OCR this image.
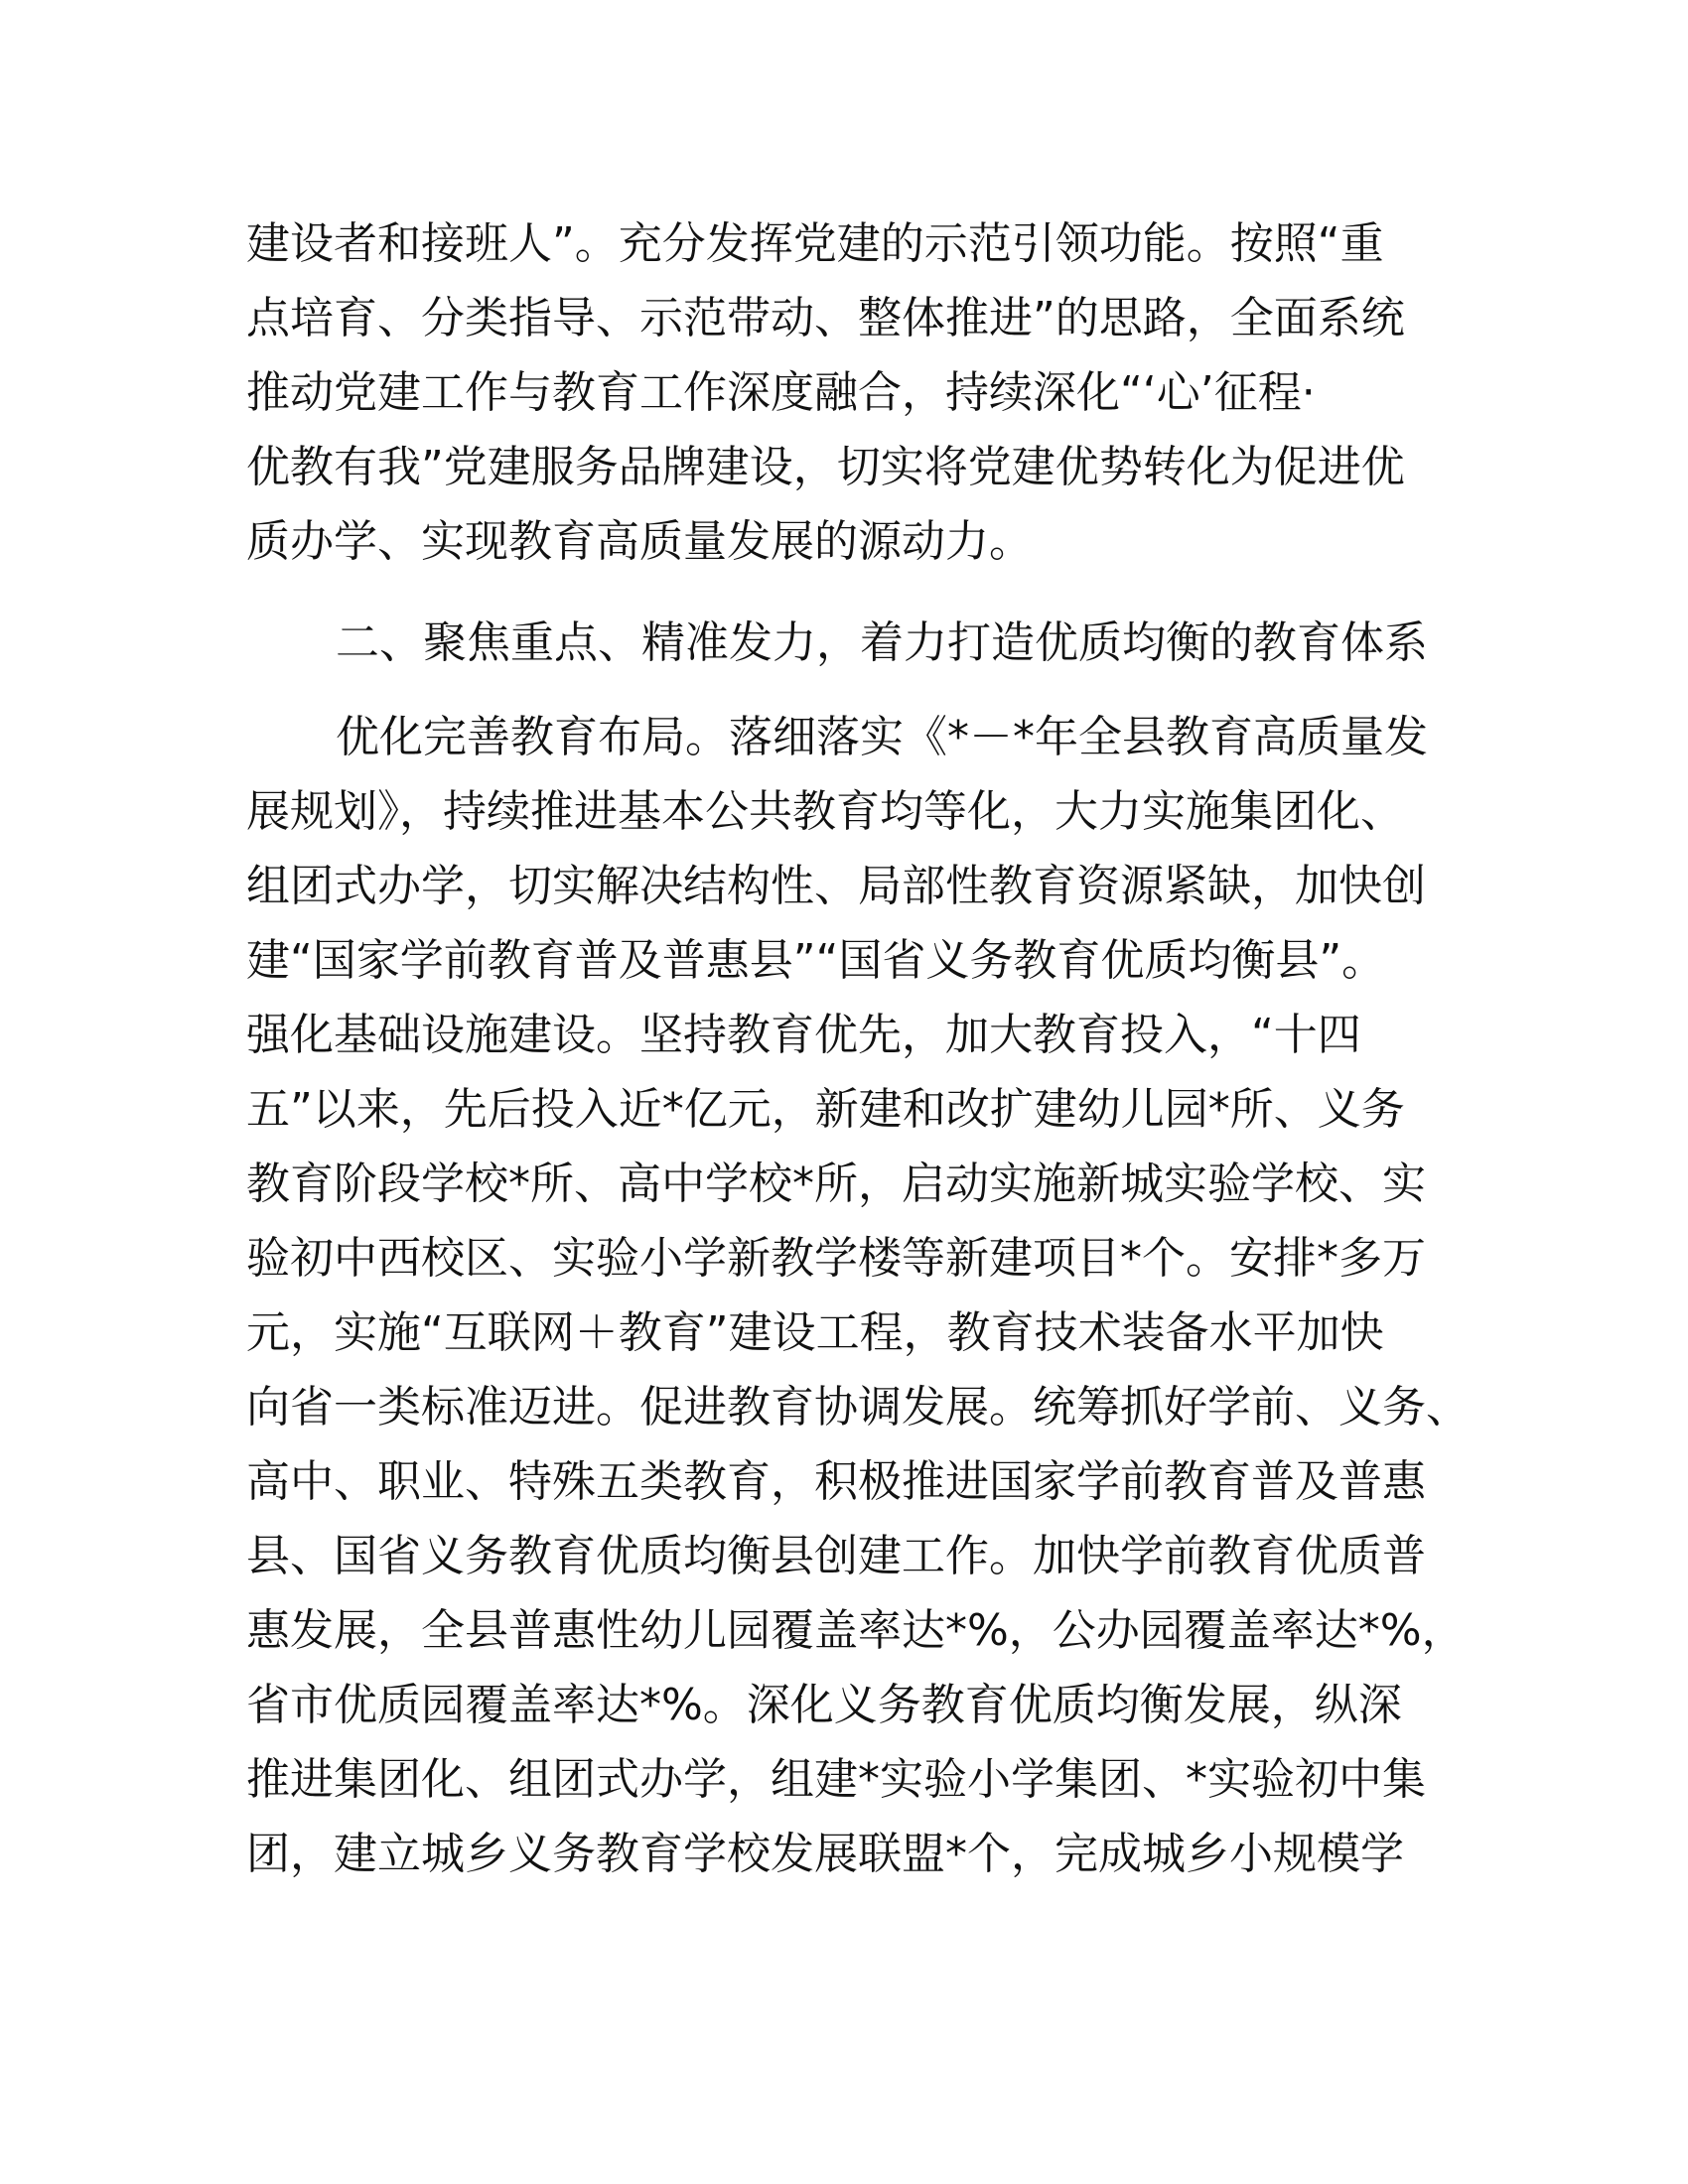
建设者和接班人”。充分发挥党建的示范引领功能。按照“重
点培育、分类指导、示范带动、整体推进”的思路，全面系统
推动党建工作与教育工作深度融合，持续深化“‘心’征程·
优教有我”党建服务品牌建设，切实将党建优势转化为促进优
质办学、实现教育高质量发展的源动力。
二、聚焦重点、精准发力，着力打造优质均衡的教育体系
优化完善教育布局。落细落实《*－*年全县教育高质量发
展规划》，持续推进基本公共教育均等化，大力实施集团化、
组团式办学，切实解决结构性、局部性教育资源紧缺，加快创
建“国家学前教育普及普惠县”“国省义务教育优质均衡县”。
强化基础设施建设。坚持教育优先，加大教育投入，“十四
五”以来，先后投入近*亿元，新建和改扩建幼儿园*所、义务
教育阶段学校*所、高中学校*所，启动实施新城实验学校、实
验初中西校区、实验小学新教学楼等新建项目*个。安排*多万
元，实施“互联网＋教育”建设工程，教育技术装备水平加快
向省一类标准迈进。促进教育协调发展。统筹抓好学前、义务、
高中、职业、特殊五类教育，积极推进国家学前教育普及普惠
县、国省义务教育优质均衡县创建工作。加快学前教育优质普
惠发展，全县普惠性幼儿园覆盖率达*%，公办园覆盖率达*%，
省市优质园覆盖率达*%。深化义务教育优质均衡发展，纵深
推进集团化、组团式办学，组建*实验小学集团、*实验初中集
团，建立城乡义务教育学校发展联盟*个，完成城乡小规模学
